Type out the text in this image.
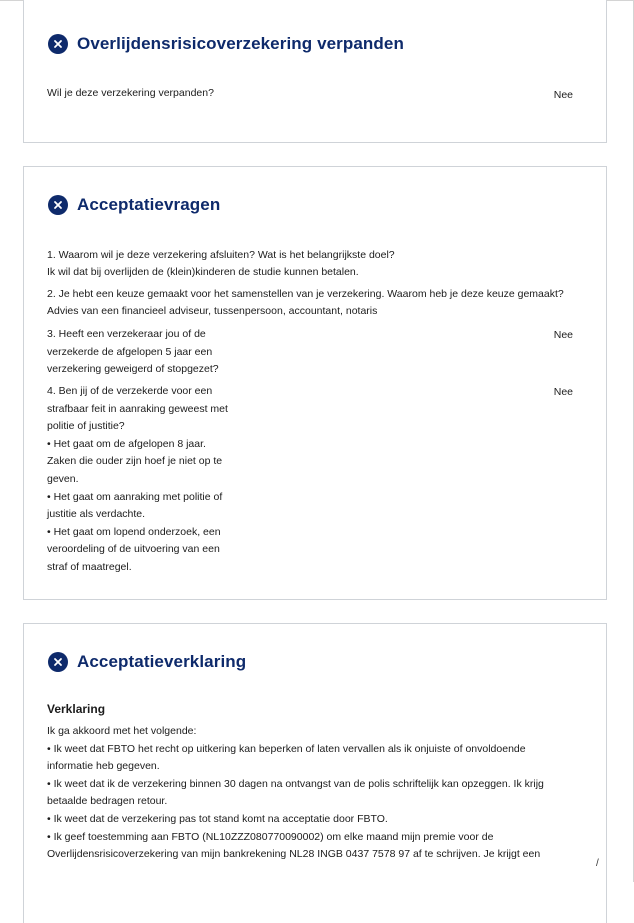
Overlijdensrisicoverzekering verpanden
Wil je deze verzekering verpanden?	Nee
Acceptatievragen
1. Waarom wil je deze verzekering afsluiten? Wat is het belangrijkste doel?
Ik wil dat bij overlijden de (klein)kinderen de studie kunnen betalen.
2. Je hebt een keuze gemaakt voor het samenstellen van je verzekering. Waarom heb je deze keuze gemaakt?
Advies van een financieel adviseur, tussenpersoon, accountant, notaris
3. Heeft een verzekeraar jou of de
verzekerde de afgelopen 5 jaar een
verzekering geweigerd of stopgezet?
Nee
4. Ben jij of de verzekerde voor een
strafbaar feit in aanraking geweest met
politie of justitie?
• Het gaat om de afgelopen 8 jaar.
Zaken die ouder zijn hoef je niet op te
geven.
• Het gaat om aanraking met politie of
justitie als verdachte.
• Het gaat om lopend onderzoek, een
veroordeling of de uitvoering van een
straf of maatregel.
Nee
Acceptatieverklaring
Verklaring
Ik ga akkoord met het volgende:
• Ik weet dat FBTO het recht op uitkering kan beperken of laten vervallen als ik onjuiste of onvoldoende
informatie heb gegeven.
• Ik weet dat ik de verzekering binnen 30 dagen na ontvangst van de polis schriftelijk kan opzeggen. Ik krijg
betaalde bedragen retour.
• Ik weet dat de verzekering pas tot stand komt na acceptatie door FBTO.
• Ik geef toestemming aan FBTO (NL10ZZZ080770090002) om elke maand mijn premie voor de
Overlijdensrisicoverzekering van mijn bankrekening NL28 INGB 0437 7578 97 af te schrijven. Je krijgt een
/
